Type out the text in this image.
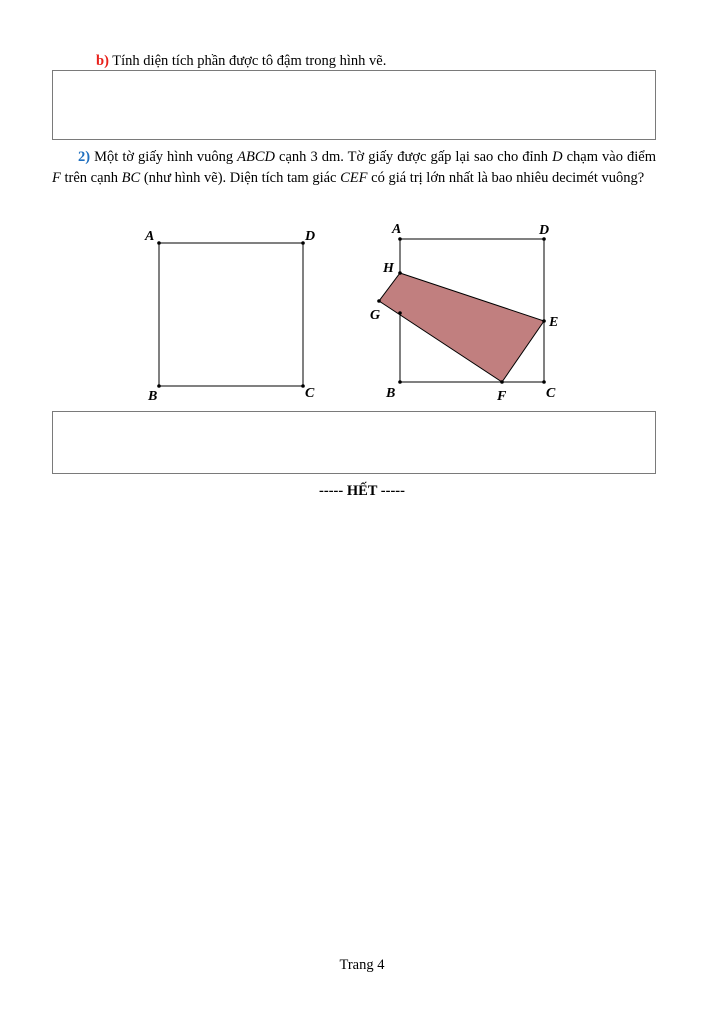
b) Tính diện tích phần được tô đậm trong hình vẽ.
2) Một tờ giấy hình vuông ABCD cạnh 3 dm. Tờ giấy được gấp lại sao cho đỉnh D chạm vào điểm F trên cạnh BC (như hình vẽ). Diện tích tam giác CEF có giá trị lớn nhất là bao nhiêu decimét vuông?
A	D
B	C
A	D
H
G	E
B	F	C
----- HẾT -----
Trang 4
